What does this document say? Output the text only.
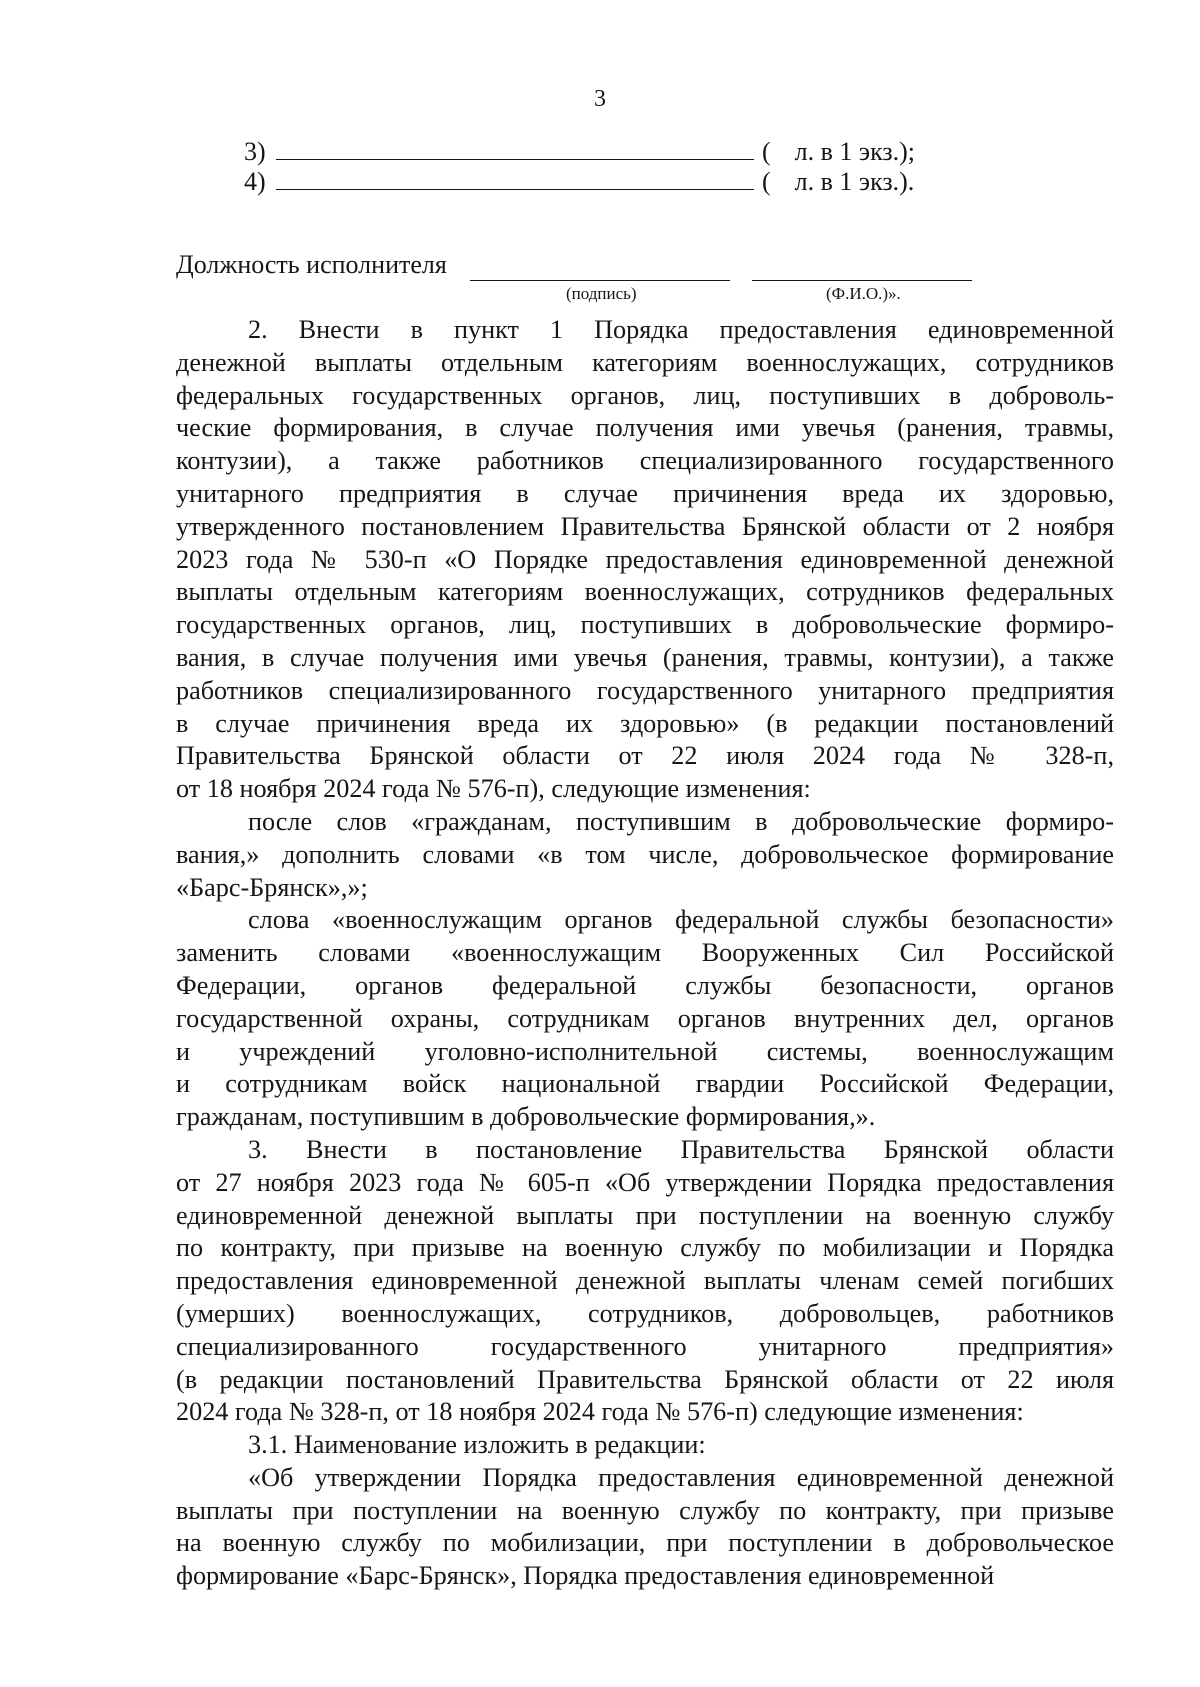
3
3)	( л. в 1 экз.);
4)	( л. в 1 экз.).
Должность исполнителя
(подпись)	(Ф.И.О.)».

2. Внести в пункт 1 Порядка предоставления единовременной

денежной выплаты отдельным категориям военнослужащих, сотрудников

федеральных государственных органов, лиц, поступивших в доброволь-

ческие формирования, в случае получения ими увечья (ранения, травмы,

контузии), а также работников специализированного государственного

унитарного предприятия в случае причинения вреда их здоровью,

утвержденного постановлением Правительства Брянской области от 2 ноября

2023 года № 530-п «О Порядке предоставления единовременной денежной

выплаты отдельным категориям военнослужащих, сотрудников федеральных

государственных органов, лиц, поступивших в добровольческие формиро-

вания, в случае получения ими увечья (ранения, травмы, контузии), а также

работников специализированного государственного унитарного предприятия

в случае причинения вреда их здоровью» (в редакции постановлений

Правительства Брянской области от 22 июля 2024 года № 328-п,

от 18 ноября 2024 года № 576-п), следующие изменения:

после слов «гражданам, поступившим в добровольческие формиро-

вания,» дополнить словами «в том числе, добровольческое формирование

«Барс-Брянск»,»;

слова «военнослужащим органов федеральной службы безопасности»

заменить словами «военнослужащим Вооруженных Сил Российской

Федерации, органов федеральной службы безопасности, органов

государственной охраны, сотрудникам органов внутренних дел, органов

и учреждений уголовно-исполнительной системы, военнослужащим

и сотрудникам войск национальной гвардии Российской Федерации,

гражданам, поступившим в добровольческие формирования,».

3. Внести в постановление Правительства Брянской области

от 27 ноября 2023 года № 605-п «Об утверждении Порядка предоставления

единовременной денежной выплаты при поступлении на военную службу

по контракту, при призыве на военную службу по мобилизации и Порядка

предоставления единовременной денежной выплаты членам семей погибших

(умерших) военнослужащих, сотрудников, добровольцев, работников

специализированного государственного унитарного предприятия»

(в редакции постановлений Правительства Брянской области от 22 июля

2024 года № 328-п, от 18 ноября 2024 года № 576-п) следующие изменения:

3.1. Наименование изложить в редакции:

«Об утверждении Порядка предоставления единовременной денежной

выплаты при поступлении на военную службу по контракту, при призыве

на военную службу по мобилизации, при поступлении в добровольческое

формирование «Барс-Брянск», Порядка предоставления единовременной
